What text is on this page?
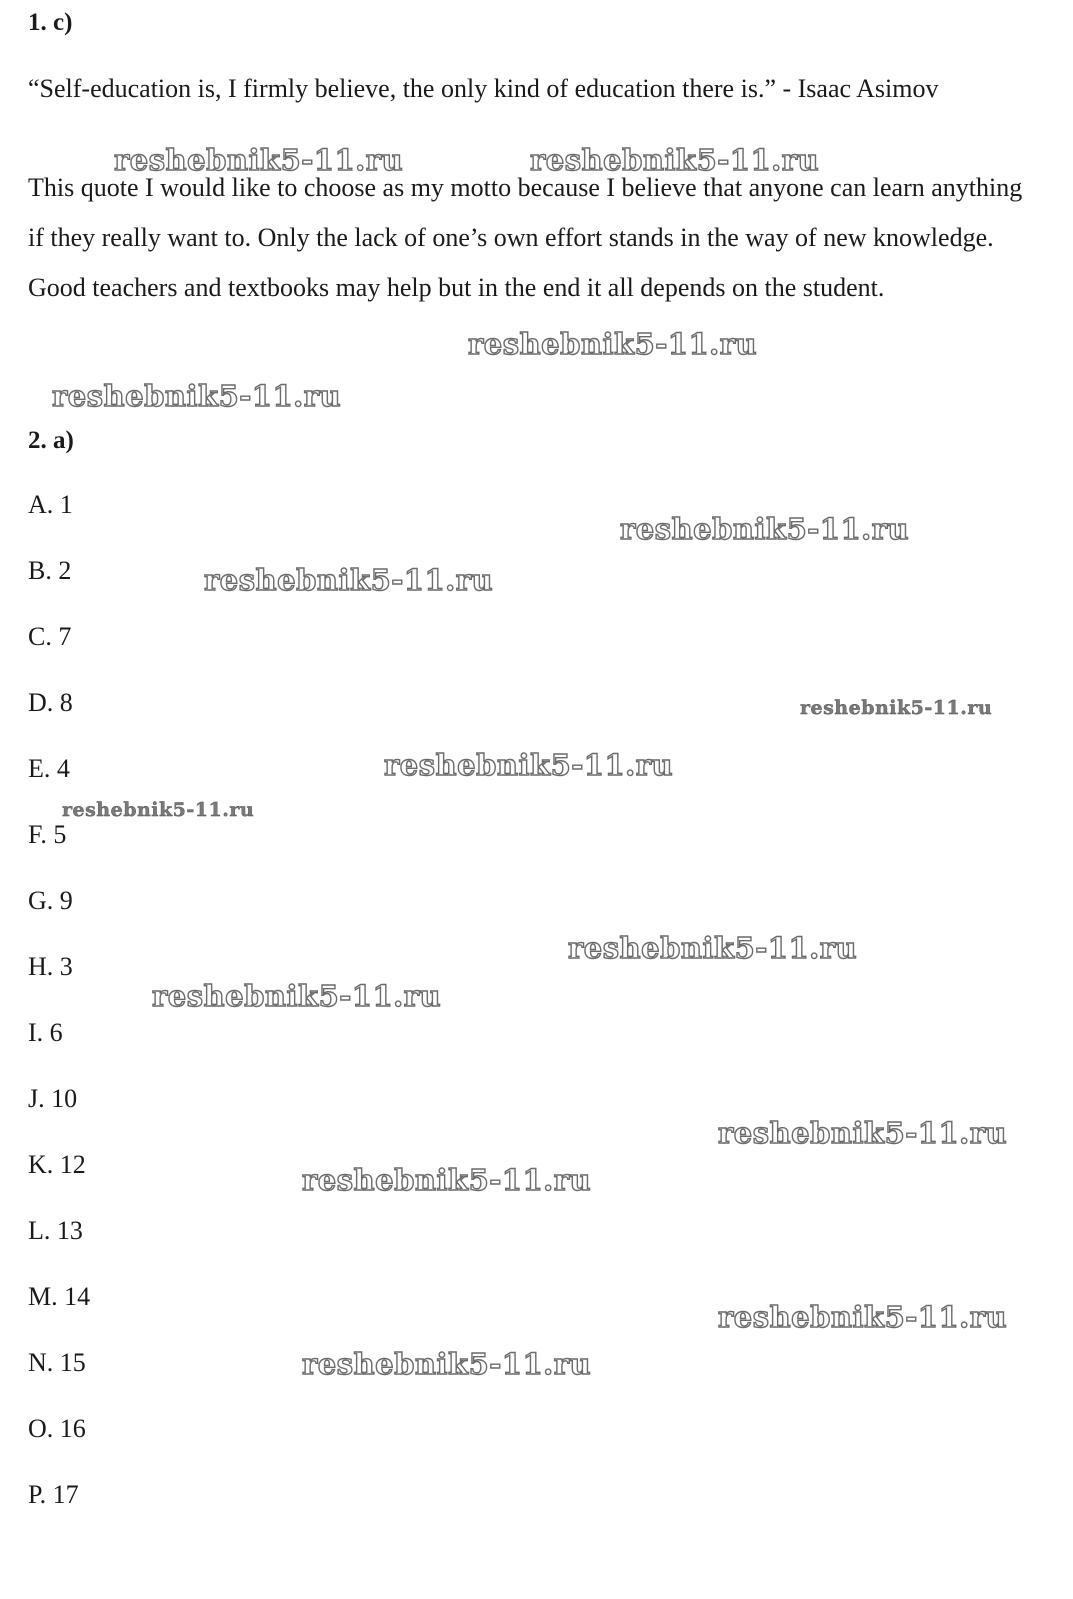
1. c)

“Self-education is, I firmly believe, the only kind of education there is.” - Isaac Asimov

This quote I would like to choose as my motto because I believe that anyone can learn anything if they really want to. Only the lack of one’s own effort stands in the way of new knowledge. Good teachers and textbooks may help but in the end it all depends on the student.

2. a)

A. 1

B. 2

C. 7

D. 8

E. 4

F. 5

G. 9

H. 3

I. 6

J. 10

K. 12

L. 13

M. 14

N. 15

O. 16

P. 17

reshebnik5-11.ru	reshebnik5-11.ru
reshebnik5-11.ru
reshebnik5-11.ru
reshebnik5-11.ru
reshebnik5-11.ru
reshebnik5-11.ru
reshebnik5-11.ru
reshebnik5-11.ru
reshebnik5-11.ru
reshebnik5-11.ru
reshebnik5-11.ru
reshebnik5-11.ru
reshebnik5-11.ru
reshebnik5-11.ru
